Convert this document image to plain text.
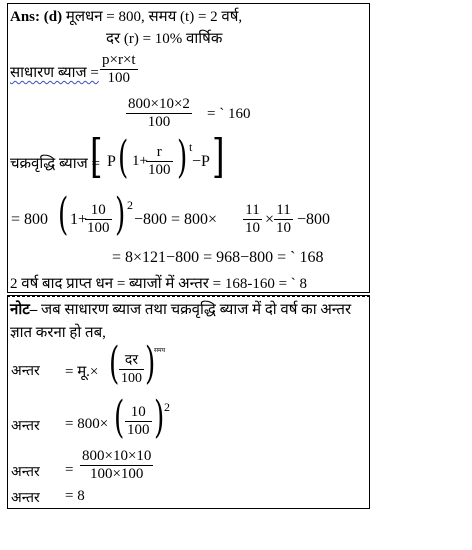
Ans: (d) मूलधन = 800, समय (t) = 2 वर्ष,
दर (r) = 10% वार्षिक
साधारण ब्याज =
p×r×t
100
800×10×2
100 = ` 160
चक्रवृद्धि ब्याज =
[ P ( 1+
r
100 ) t
−P ]
= 800 ( 1+
10
100 ) 2
−800 = 800×
11
10 ×
11
10 −800
= 8×121−800 = 968−800 = ` 168
2 वर्ष बाद प्राप्त धन = ब्याजों में अन्तर = 168-160 = ` 8
नोट– जब साधारण ब्याज तथा चक्रवृद्धि ब्याज में दो वर्ष का अन्तर
ज्ञात करना हो तब,
अन्तर = मू.× ( दर
100 )
समय
अन्तर = 800× ( 10
100 ) 2
अन्तर =
800×10×10
100×100
अन्तर = 8
